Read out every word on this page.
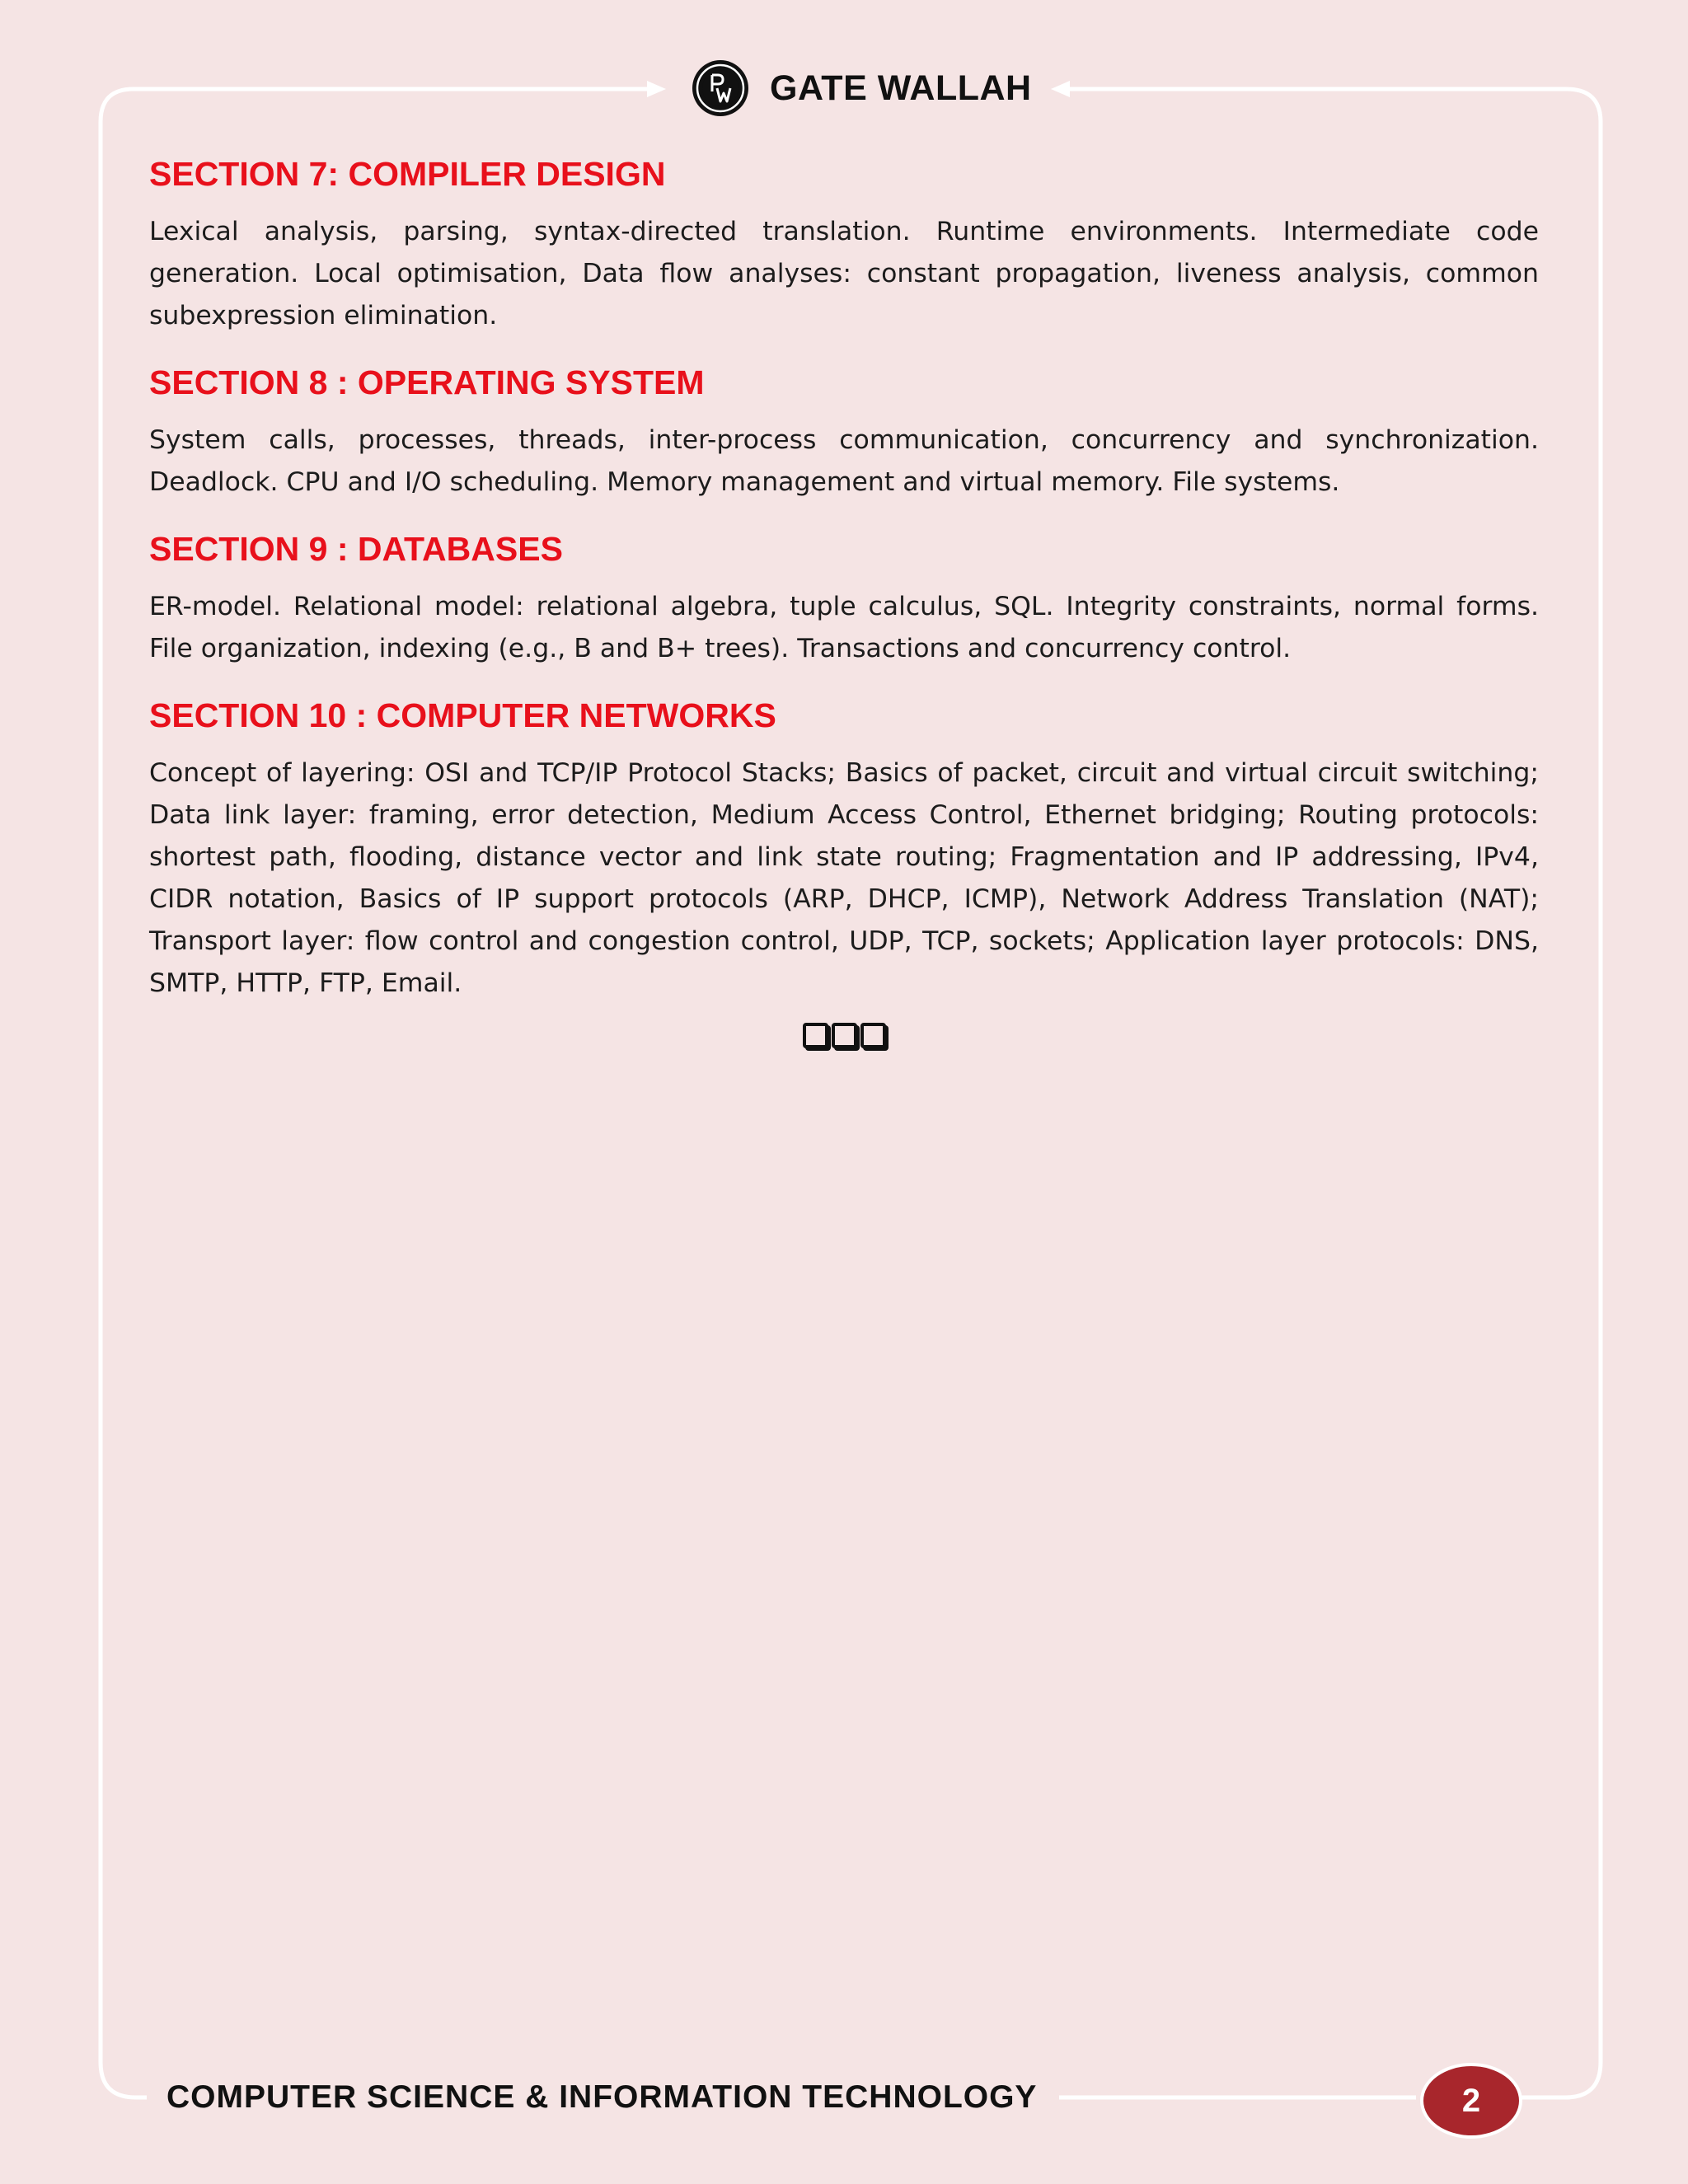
GATE WALLAH
SECTION 7: COMPILER DESIGN

Lexical analysis, parsing, syntax-directed translation. Runtime environments. Intermediate code generation. Local optimisation, Data flow analyses: constant propagation, liveness analysis, common subexpression elimination.

SECTION 8 : OPERATING SYSTEM

System calls, processes, threads, inter-process communication, concurrency and synchronization. Deadlock. CPU and I/O scheduling. Memory management and virtual memory. File systems.

SECTION 9 : DATABASES

ER-model. Relational model: relational algebra, tuple calculus, SQL. Integrity constraints, normal forms. File organization, indexing (e.g., B and B+ trees). Transactions and concurrency control.

SECTION 10 : COMPUTER NETWORKS

Concept of layering: OSI and TCP/IP Protocol Stacks; Basics of packet, circuit and virtual circuit switching; Data link layer: framing, error detection, Medium Access Control, Ethernet bridging; Routing protocols: shortest path, flooding, distance vector and link state routing; Fragmentation and IP addressing, IPv4, CIDR notation, Basics of IP support protocols (ARP, DHCP, ICMP), Network Address Translation (NAT); Transport layer: flow control and congestion control, UDP, TCP, sockets; Application layer protocols: DNS, SMTP, HTTP, FTP, Email.

COMPUTER SCIENCE & INFORMATION TECHNOLOGY	2
